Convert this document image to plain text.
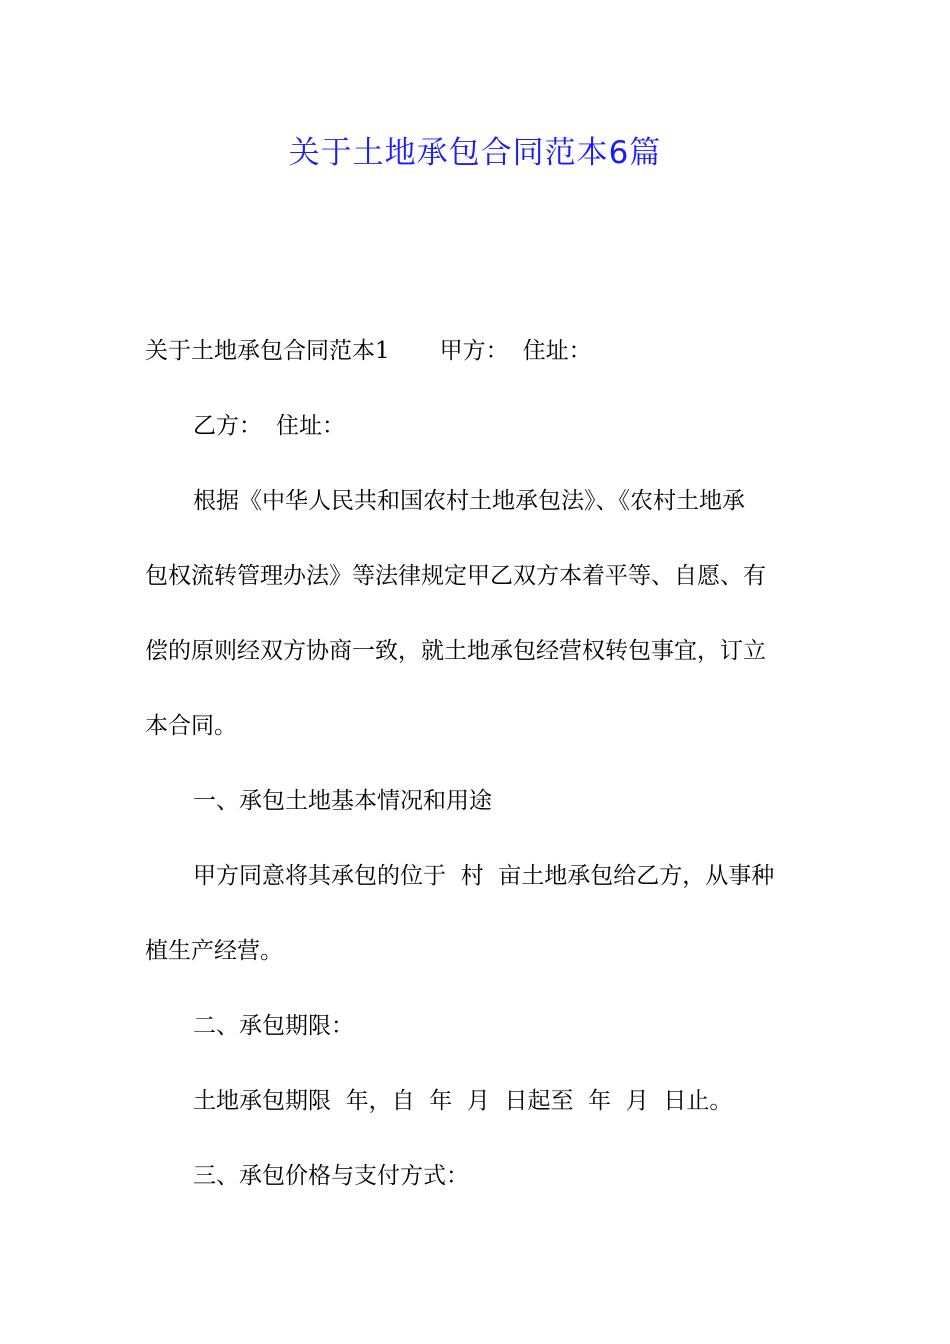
关于土地承包合同范本6篇

关于土地承包合同范本1 甲方： 住址：

乙方： 住址：

根据《中华人民共和国农村土地承包法》、《农村土地承
包权流转管理办法》等法律规定甲乙双方本着平等、自愿、有
偿的原则经双方协商一致，就土地承包经营权转包事宜，订立
本合同。

一、承包土地基本情况和用途

甲方同意将其承包的位于  村  亩土地承包给乙方，从事种
植生产经营。

二、承包期限：

土地承包期限  年，自  年  月  日起至  年  月  日止。

三、承包价格与支付方式：
